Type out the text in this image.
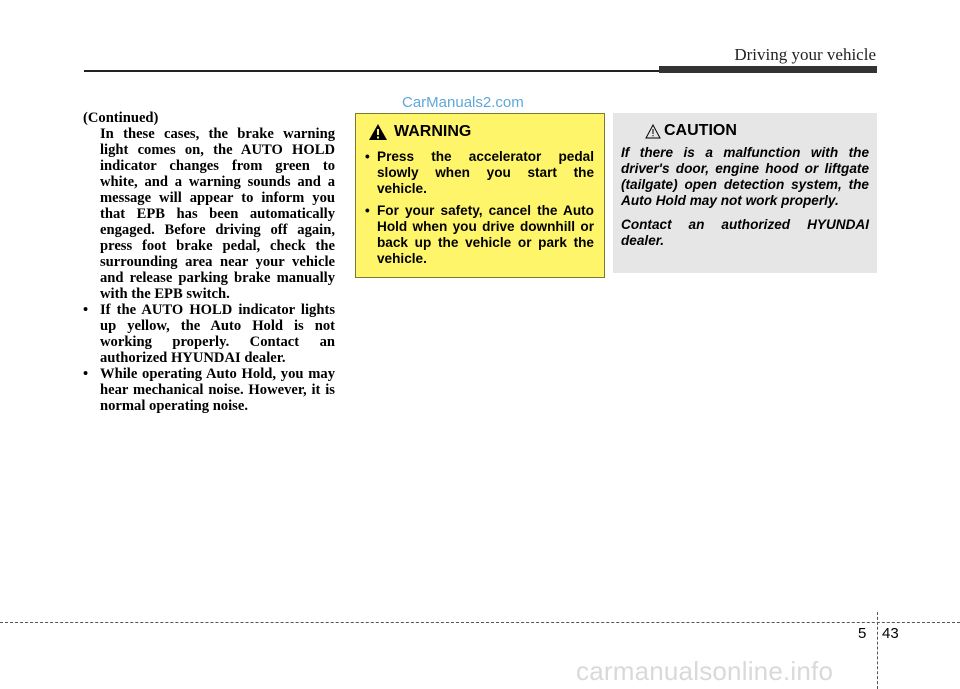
Driving your vehicle
CarManuals2.com
(Continued)
In these cases, the brake warning light comes on, the AUTO HOLD indicator changes from green to white, and a warning sounds and a message will appear to inform you that EPB has been automatically engaged. Before driving off again, press foot brake pedal, check the surrounding area near your vehicle and release parking brake manually with the EPB switch.
• If the AUTO HOLD indicator lights up yellow, the Auto Hold is not working properly. Contact an authorized HYUNDAI dealer.
• While operating Auto Hold, you may hear mechanical noise. However, it is normal operating noise.
WARNING
• Press the accelerator pedal slowly when you start the vehicle.
• For your safety, cancel the Auto Hold when you drive downhill or back up the vehicle or park the vehicle.
CAUTION

If there is a malfunction with the driver's door, engine hood or liftgate (tailgate) open detection system, the Auto Hold may not work properly.

Contact an authorized HYUNDAI dealer.

5 43
carmanualsonline.info
